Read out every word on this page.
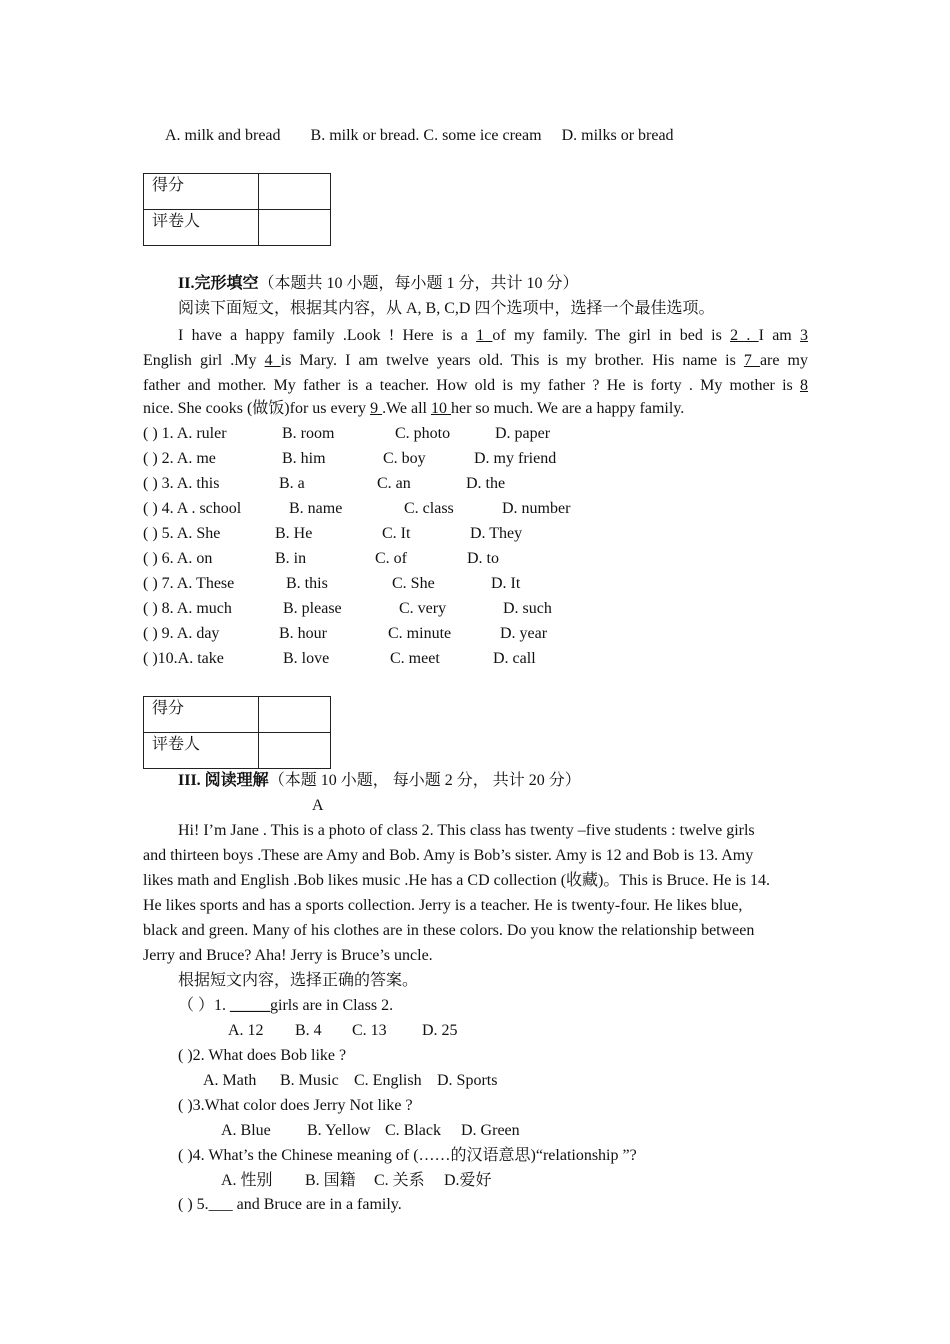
A. milk and bread B. milk or bread. C. some ice cream D. milks or bread
得分	
评卷人	
II.完形填空（本题共 10 小题，每小题 1 分，共计 10 分）
阅读下面短文，根据其内容，从 A, B, C,D 四个选项中，选择一个最佳选项。
I have a happy family .Look ! Here is a 1 of my family. The girl in bed is 2 . I am 3
English girl .My 4 is Mary. I am twelve years old. This is my brother. His name is 7 are my
father and mother. My father is a teacher. How old is my father ? He is forty . My mother is 8
nice. She cooks (做饭)for us every 9 .We all 10 her so much. We are a happy family.
( ) 1. A. ruler	B. room	C. photo	D. paper
( ) 2. A. me	B. him	C. boy	D. my friend
( ) 3. A. this	B. a	C. an	D. the
( ) 4. A . school	B. name	C. class	D. number
( ) 5. A. She	B. He	C. It	D. They
( ) 6. A. on	B. in	C. of	D. to
( ) 7. A. These	B. this	C. She	D. It
( ) 8. A. much	B. please	C. very	D. such
( ) 9. A. day	B. hour	C. minute	D. year
( )10.A. take	B. love	C. meet	D. call
得分	
评卷人	
III. 阅读理解（本题 10 小题， 每小题 2 分， 共计 20 分）
A
Hi! I’m Jane . This is a photo of class 2. This class has twenty –five students : twelve girls
and thirteen boys .These are Amy and Bob. Amy is Bob’s sister. Amy is 12 and Bob is 13. Amy
likes math and English .Bob likes music .He has a CD collection (收藏)。This is Bruce. He is 14.
He likes sports and has a sports collection. Jerry is a teacher. He is twenty-four. He likes blue,
black and green. Many of his clothes are in these colors. Do you know the relationship between
Jerry and Bruce? Aha! Jerry is Bruce’s uncle.
根据短文内容，选择正确的答案。
（ ）1. _____girls are in Class 2.
A. 12 B. 4 C. 13 D. 25
( )2. What does Bob like ?
A. Math B. Music C. English D. Sports
( )3.What color does Jerry Not like ?
A. Blue B. Yellow C. Black D. Green
( )4. What’s the Chinese meaning of (……的汉语意思)“relationship ”?
A. 性别 B. 国籍 C. 关系 D.爱好
( ) 5.___ and Bruce are in a family.
